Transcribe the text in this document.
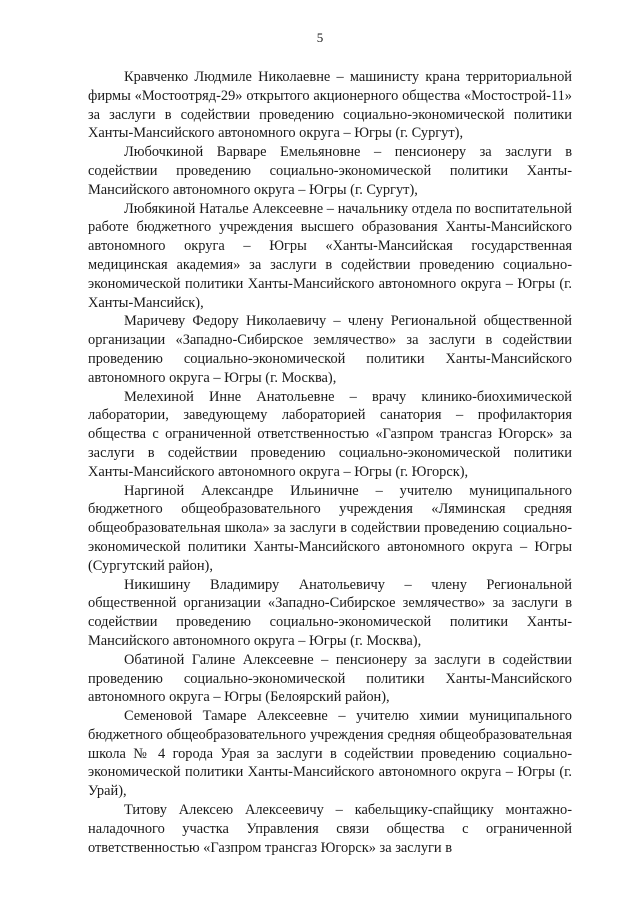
5

Кравченко Людмиле Николаевне – машинисту крана территориальной фирмы «Мостоотряд-29» открытого акционерного общества «Мостострой-11» за заслуги в содействии проведению социально-экономической политики Ханты-Мансийского автономного округа – Югры (г. Сургут),

Любочкиной Варваре Емельяновне – пенсионеру за заслуги в содействии проведению социально-экономической политики Ханты-Мансийского автономного округа – Югры (г. Сургут),

Любякиной Наталье Алексеевне – начальнику отдела по воспитательной работе бюджетного учреждения высшего образования Ханты-Мансийского автономного округа – Югры «Ханты-Мансийская государственная медицинская академия» за заслуги в содействии проведению социально-экономической политики Ханты-Мансийского автономного округа – Югры (г. Ханты-Мансийск),

Маричеву Федору Николаевичу – члену Региональной общественной организации «Западно-Сибирское землячество» за заслуги в содействии проведению социально-экономической политики Ханты-Мансийского автономного округа – Югры (г. Москва),

Мелехиной Инне Анатольевне – врачу клинико-биохимической лаборатории, заведующему лабораторией санатория – профилактория общества с ограниченной ответственностью «Газпром трансгаз Югорск» за заслуги в содействии проведению социально-экономической политики Ханты-Мансийского автономного округа – Югры (г. Югорск),

Наргиной Александре Ильиничне – учителю муниципального бюджетного общеобразовательного учреждения «Ляминская средняя общеобразовательная школа» за заслуги в содействии проведению социально-экономической политики Ханты-Мансийского автономного округа – Югры (Сургутский район),

Никишину Владимиру Анатольевичу – члену Региональной общественной организации «Западно-Сибирское землячество» за заслуги в содействии проведению социально-экономической политики Ханты-Мансийского автономного округа – Югры (г. Москва),

Обатиной Галине Алексеевне – пенсионеру за заслуги в содействии проведению социально-экономической политики Ханты-Мансийского автономного округа – Югры (Белоярский район),

Семеновой Тамаре Алексеевне – учителю химии муниципального бюджетного общеобразовательного учреждения средняя общеобразовательная школа № 4 города Урая за заслуги в содействии проведению социально-экономической политики Ханты-Мансийского автономного округа – Югры (г. Урай),

Титову Алексею Алексеевичу – кабельщику-спайщику монтажно-наладочного участка Управления связи общества с ограниченной ответственностью «Газпром трансгаз Югорск» за заслуги в
